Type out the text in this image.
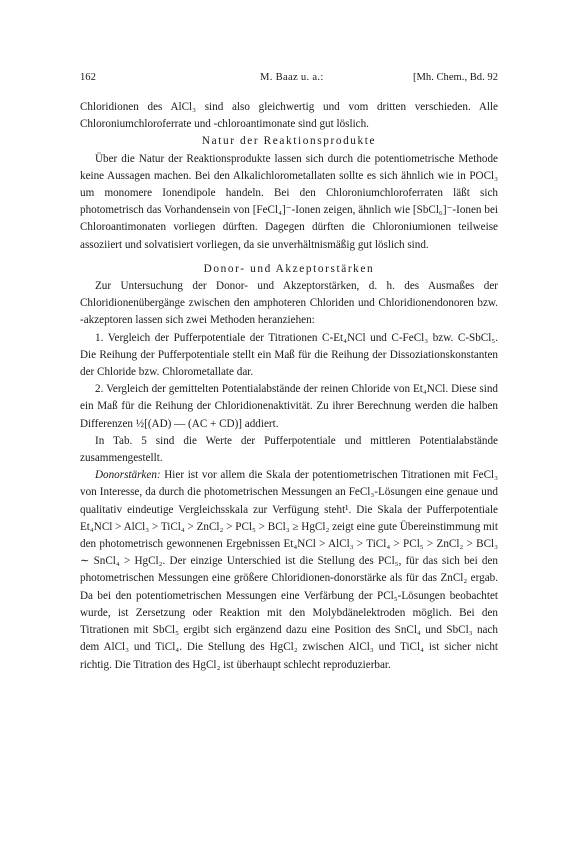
162	M. Baaz u. a.:	[Mh. Chem., Bd. 92

Chloridionen des AlCl₃ sind also gleichwertig und vom dritten verschieden. Alle Chloroniumchloroferrate und -chloroantimonate sind gut löslich.

Natur der Reaktionsprodukte

Über die Natur der Reaktionsprodukte lassen sich durch die potentiometrische Methode keine Aussagen machen. Bei den Alkalichlorometallaten sollte es sich ähnlich wie in POCl₃ um monomere Ionendipole handeln. Bei den Chloroniumchloroferraten läßt sich photometrisch das Vorhandensein von [FeCl₄]⁻-Ionen zeigen, ähnlich wie [SbCl₆]⁻-Ionen bei Chloroantimonaten vorliegen dürften. Dagegen dürften die Chloroniumionen teilweise assoziiert und solvatisiert vorliegen, da sie unverhältnismäßig gut löslich sind.

Donor- und Akzeptorstärken

Zur Untersuchung der Donor- und Akzeptorstärken, d. h. des Ausmaßes der Chloridionenübergänge zwischen den amphoteren Chloriden und Chloridionendonoren bzw. -akzeptoren lassen sich zwei Methoden heranziehen:

1. Vergleich der Pufferpotentiale der Titrationen C-Et₄NCl und C-FeCl₃ bzw. C-SbCl₅. Die Reihung der Pufferpotentiale stellt ein Maß für die Reihung der Dissoziationskonstanten der Chloride bzw. Chlorometallate dar.

2. Vergleich der gemittelten Potentialabstände der reinen Chloride von Et₄NCl. Diese sind ein Maß für die Reihung der Chloridionenaktivität. Zu ihrer Berechnung werden die halben Differenzen ½[(AD) — (AC + CD)] addiert.

In Tab. 5 sind die Werte der Pufferpotentiale und mittleren Potentialabstände zusammengestellt.

Donorstärken: Hier ist vor allem die Skala der potentiometrischen Titrationen mit FeCl₃ von Interesse, da durch die photometrischen Messungen an FeCl₃-Lösungen eine genaue und qualitativ eindeutige Vergleichsskala zur Verfügung steht¹. Die Skala der Pufferpotentiale Et₄NCl > AlCl₃ > TiCl₄ > ZnCl₂ > PCl₅ > BCl₃ ≥ HgCl₂ zeigt eine gute Übereinstimmung mit den photometrisch gewonnenen Ergebnissen Et₄NCl > AlCl₃ > TiCl₄ > PCl₅ > ZnCl₂ > BCl₃ ∼ SnCl₄ > HgCl₂. Der einzige Unterschied ist die Stellung des PCl₅, für das sich bei den photometrischen Messungen eine größere Chloridionen-donorstärke als für das ZnCl₂ ergab. Da bei den potentiometrischen Messungen eine Verfärbung der PCl₅-Lösungen beobachtet wurde, ist Zersetzung oder Reaktion mit den Molybdänelektroden möglich. Bei den Titrationen mit SbCl₅ ergibt sich ergänzend dazu eine Position des SnCl₄ und SbCl₃ nach dem AlCl₃ und TiCl₄. Die Stellung des HgCl₂ zwischen AlCl₃ und TiCl₄ ist sicher nicht richtig. Die Titration des HgCl₂ ist überhaupt schlecht reproduzierbar.
